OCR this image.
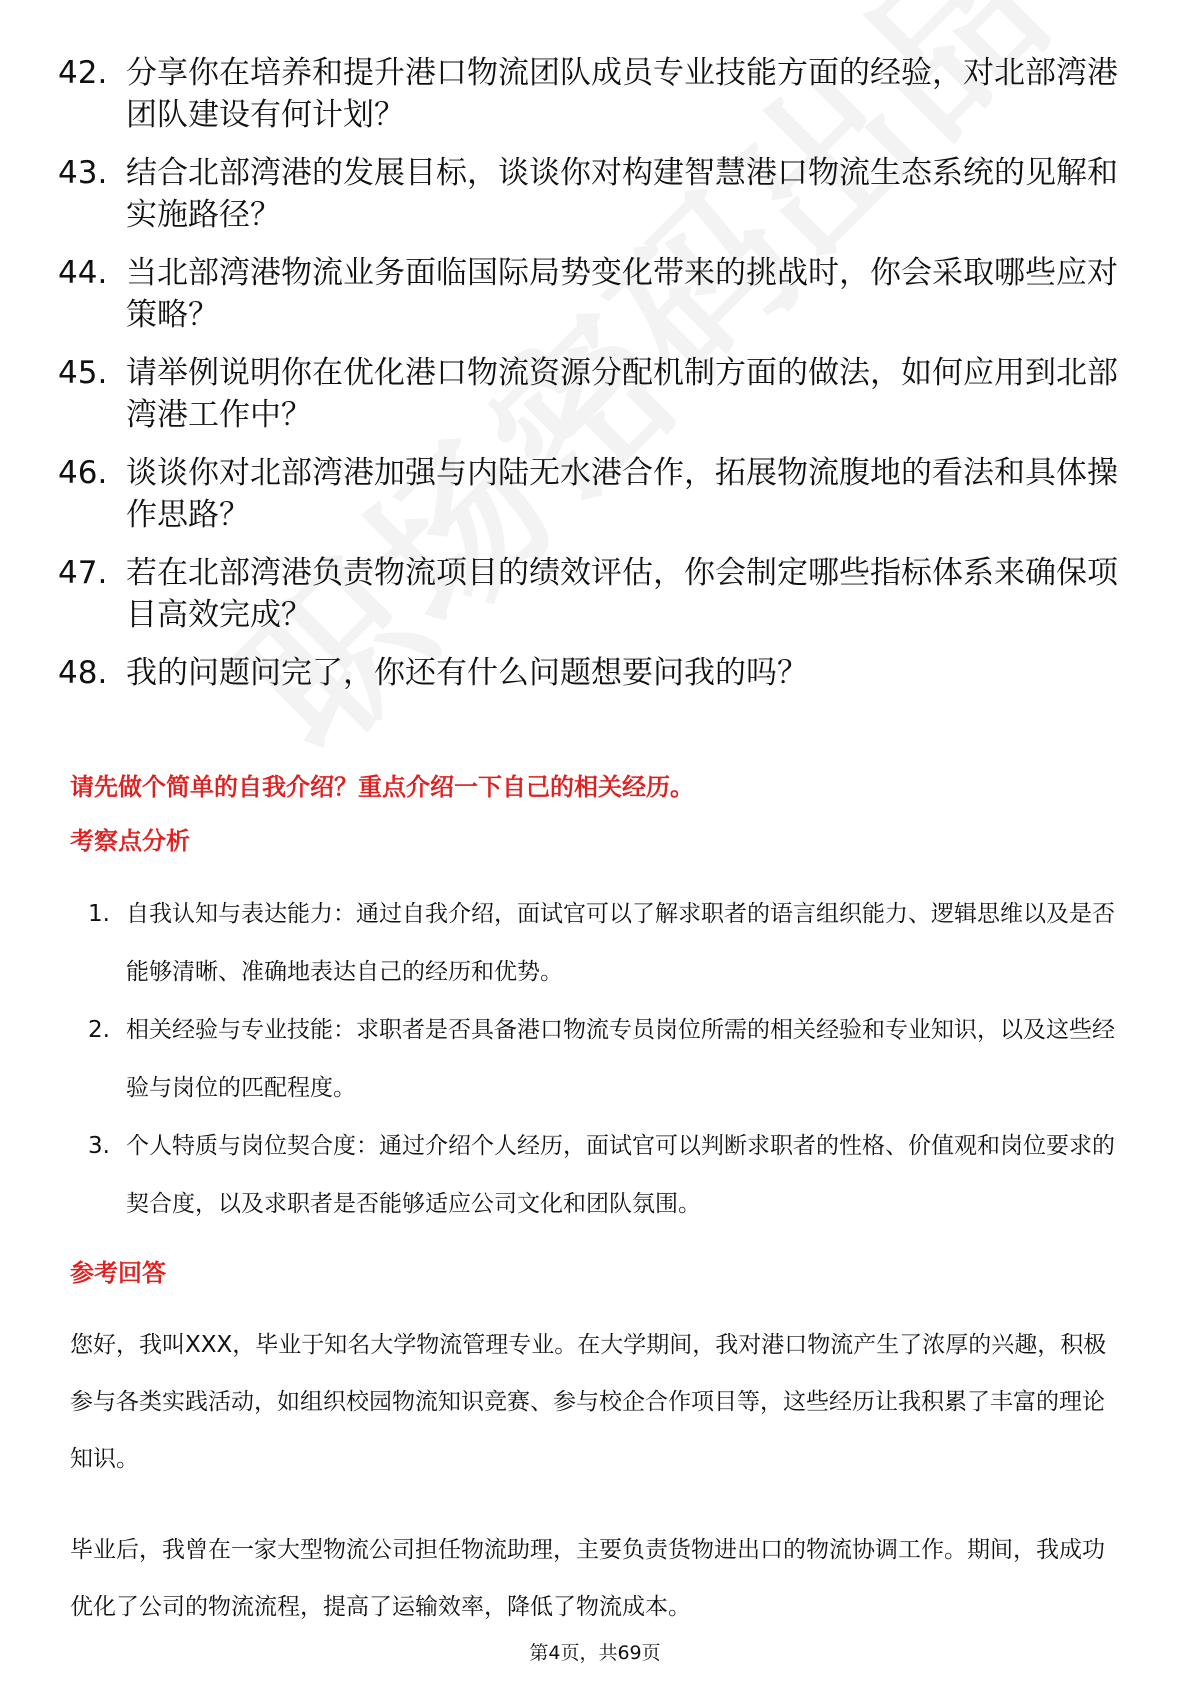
42. 分享你在培养和提升港口物流团队成员专业技能方面的经验，对北部湾港团队建设有何计划？
43. 结合北部湾港的发展目标，谈谈你对构建智慧港口物流生态系统的见解和实施路径？
44. 当北部湾港物流业务面临国际局势变化带来的挑战时，你会采取哪些应对策略？
45. 请举例说明你在优化港口物流资源分配机制方面的做法，如何应用到北部湾港工作中？
46. 谈谈你对北部湾港加强与内陆无水港合作，拓展物流腹地的看法和具体操作思路？
47. 若在北部湾港负责物流项目的绩效评估，你会制定哪些指标体系来确保项目高效完成？
48. 我的问题问完了，你还有什么问题想要问我的吗？
请先做个简单的自我介绍？重点介绍一下自己的相关经历。
考察点分析
1. 自我认知与表达能力：通过自我介绍，面试官可以了解求职者的语言组织能力、逻辑思维以及是否能够清晰、准确地表达自己的经历和优势。
2. 相关经验与专业技能：求职者是否具备港口物流专员岗位所需的相关经验和专业知识，以及这些经验与岗位的匹配程度。
3. 个人特质与岗位契合度：通过介绍个人经历，面试官可以判断求职者的性格、价值观和岗位要求的契合度，以及求职者是否能够适应公司文化和团队氛围。
参考回答

您好，我叫XXX，毕业于知名大学物流管理专业。在大学期间，我对港口物流产生了浓厚的兴趣，积极参与各类实践活动，如组织校园物流知识竞赛、参与校企合作项目等，这些经历让我积累了丰富的理论知识。

毕业后，我曾在一家大型物流公司担任物流助理，主要负责货物进出口的物流协调工作。期间，我成功优化了公司的物流流程，提高了运输效率，降低了物流成本。

第4页，共69页
